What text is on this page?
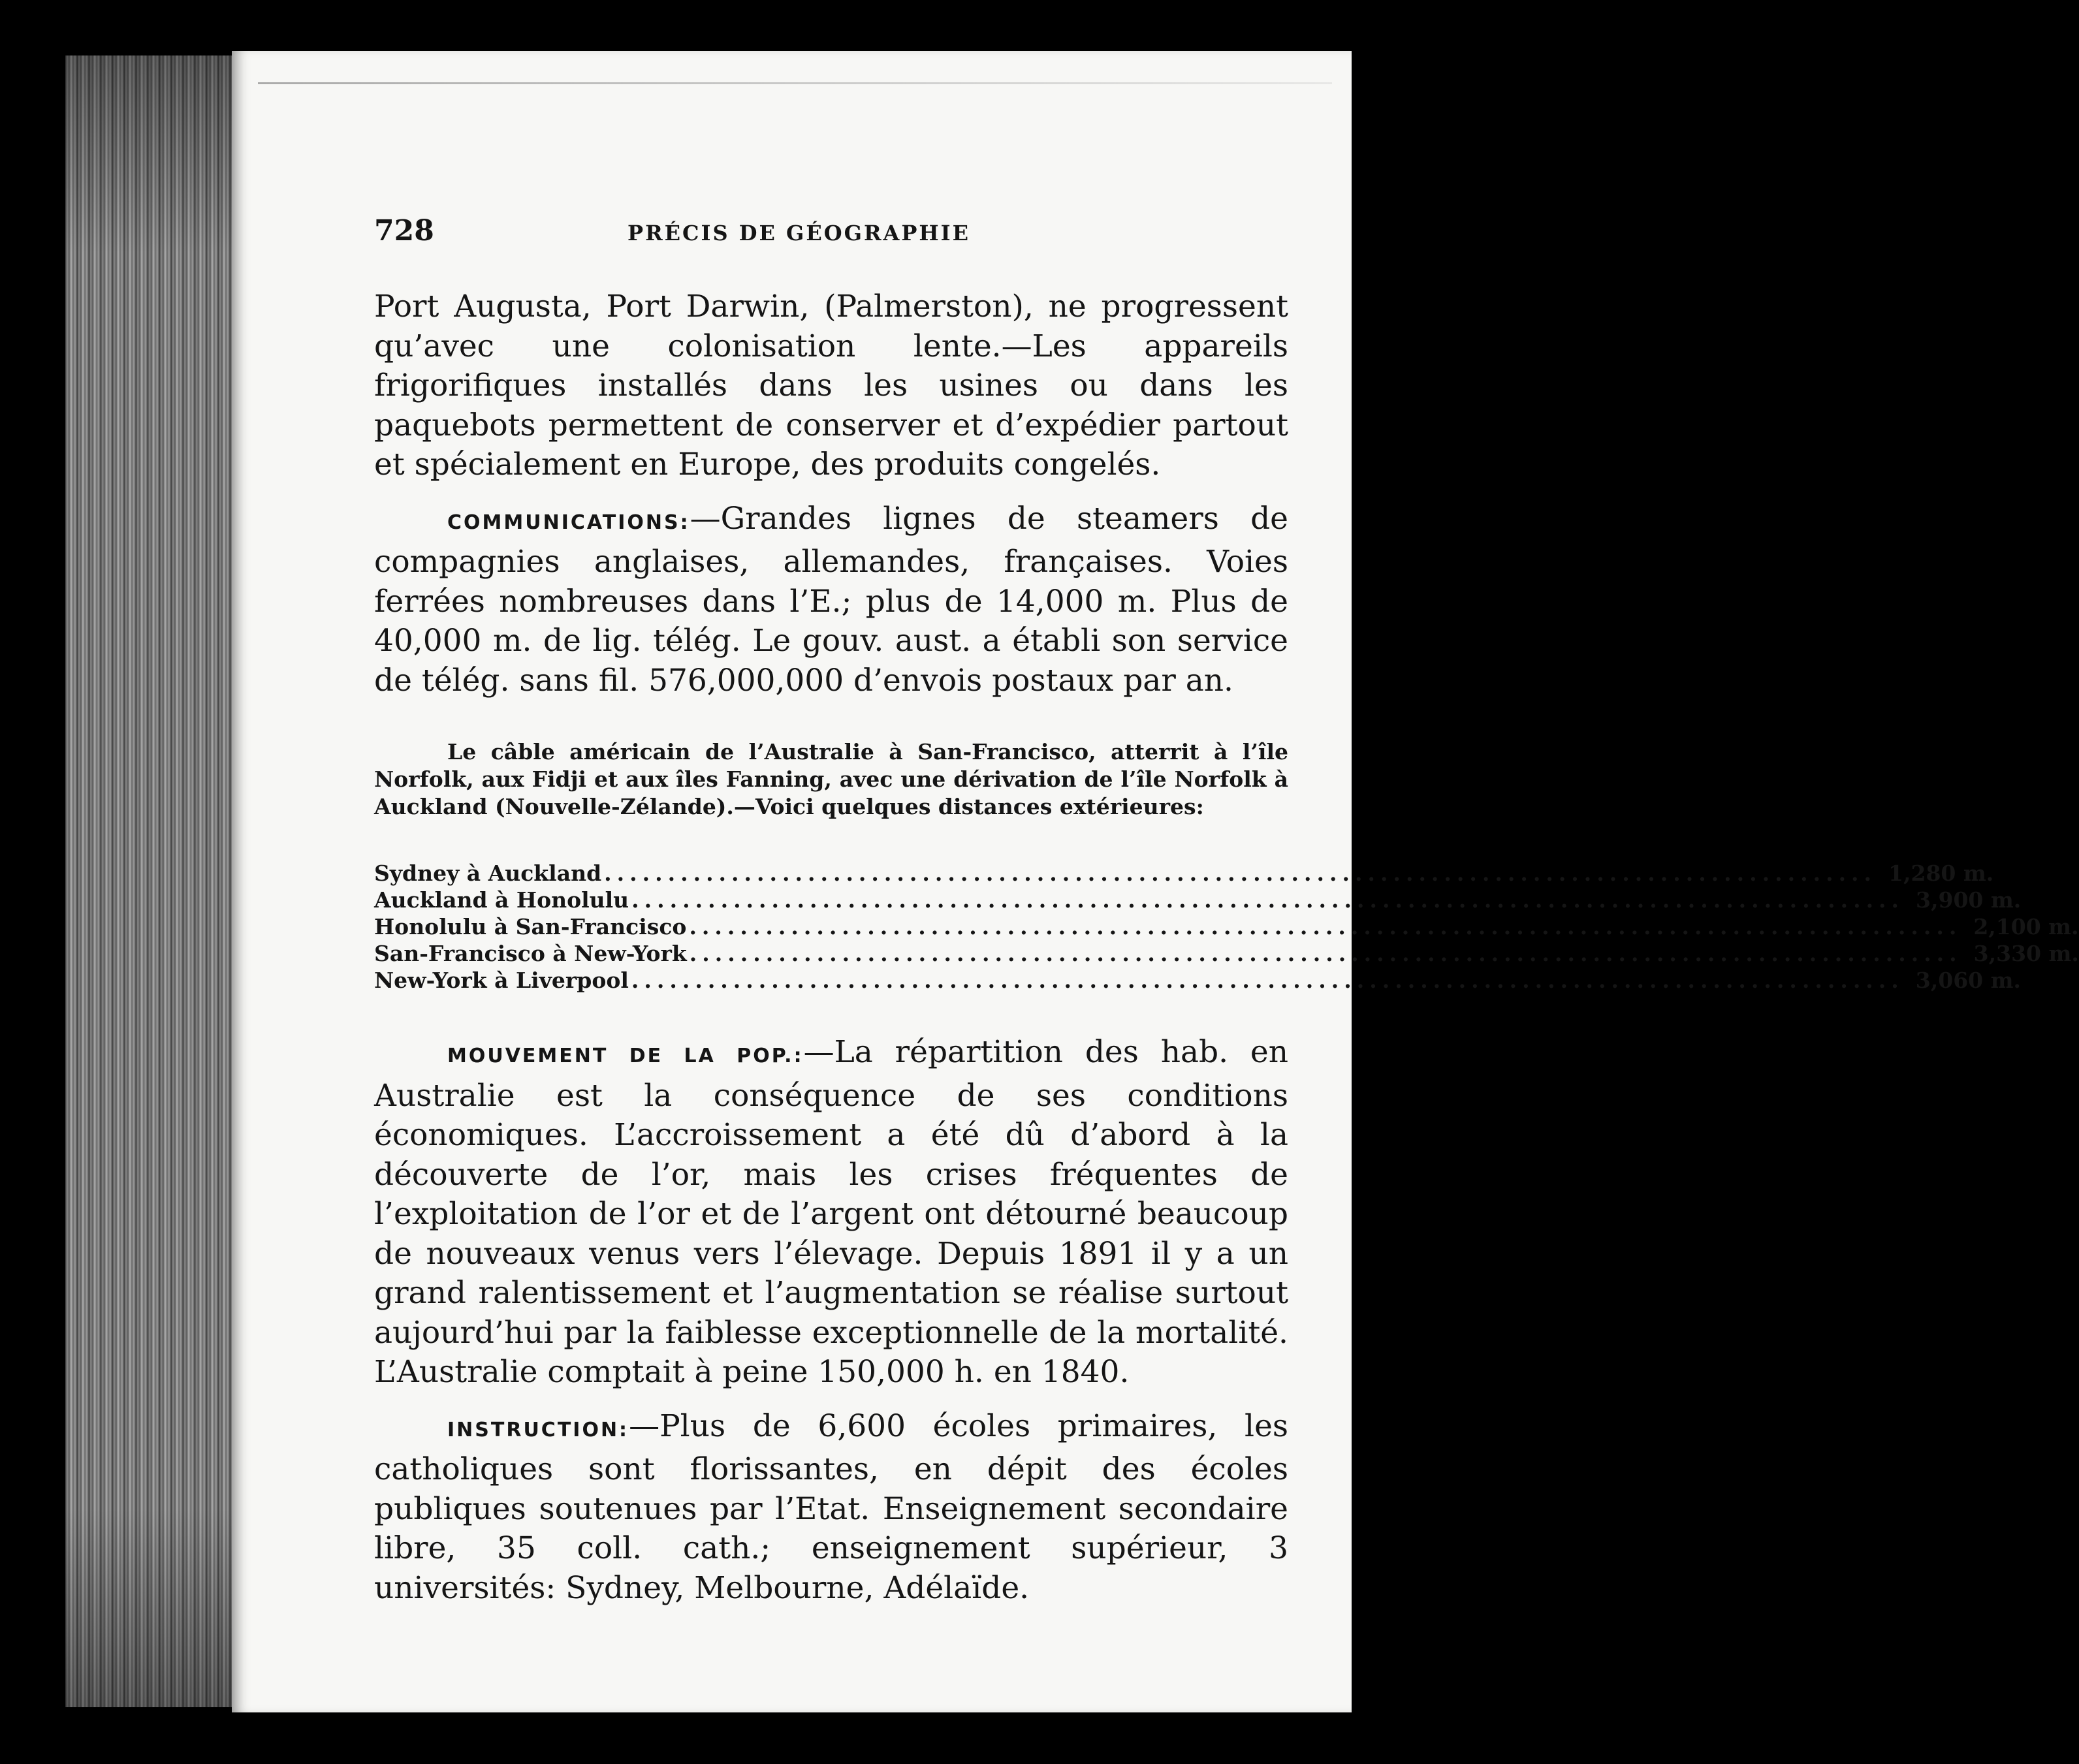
728	PRÉCIS DE GÉOGRAPHIE

Port Augusta, Port Darwin, (Palmerston), ne progressent qu’avec une colonisation lente.—Les appareils frigorifiques installés dans les usines ou dans les paquebots permettent de conserver et d’expédier partout et spécialement en Europe, des produits congelés.

COMMUNICATIONS:—Grandes lignes de steamers de compagnies anglaises, allemandes, françaises. Voies ferrées nombreuses dans l’E.; plus de 14,000 m. Plus de 40,000 m. de lig. télég. Le gouv. aust. a établi son service de télég. sans fil. 576,000,000 d’envois postaux par an.

Le câble américain de l’Australie à San-Francisco, atterrit à l’île Norfolk, aux Fidji et aux îles Fanning, avec une dérivation de l’île Norfolk à Auckland (Nouvelle-Zélande).—Voici quelques distances extérieures:

Sydney à Auckland .................................................................................................... 1,280 m.
Auckland à Honolulu .................................................................................................... 3,900 m.
Honolulu à San-Francisco .................................................................................................... 2,100 m.
San-Francisco à New-York .................................................................................................... 3,330 m.
New-York à Liverpool .................................................................................................... 3,060 m.

MOUVEMENT DE LA POP.:—La répartition des hab. en Australie est la conséquence de ses conditions économiques. L’accroissement a été dû d’abord à la découverte de l’or, mais les crises fréquentes de l’exploitation de l’or et de l’argent ont détourné beaucoup de nouveaux venus vers l’élevage. Depuis 1891 il y a un grand ralentissement et l’augmentation se réalise surtout aujourd’hui par la faiblesse exceptionnelle de la mortalité. L’Australie comptait à peine 150,000 h. en 1840.

INSTRUCTION:—Plus de 6,600 écoles primaires, les catholiques sont florissantes, en dépit des écoles publiques soutenues par l’Etat. Enseignement secondaire libre, 35 coll. cath.; enseignement supérieur, 3 universités: Sydney, Melbourne, Adélaïde.
